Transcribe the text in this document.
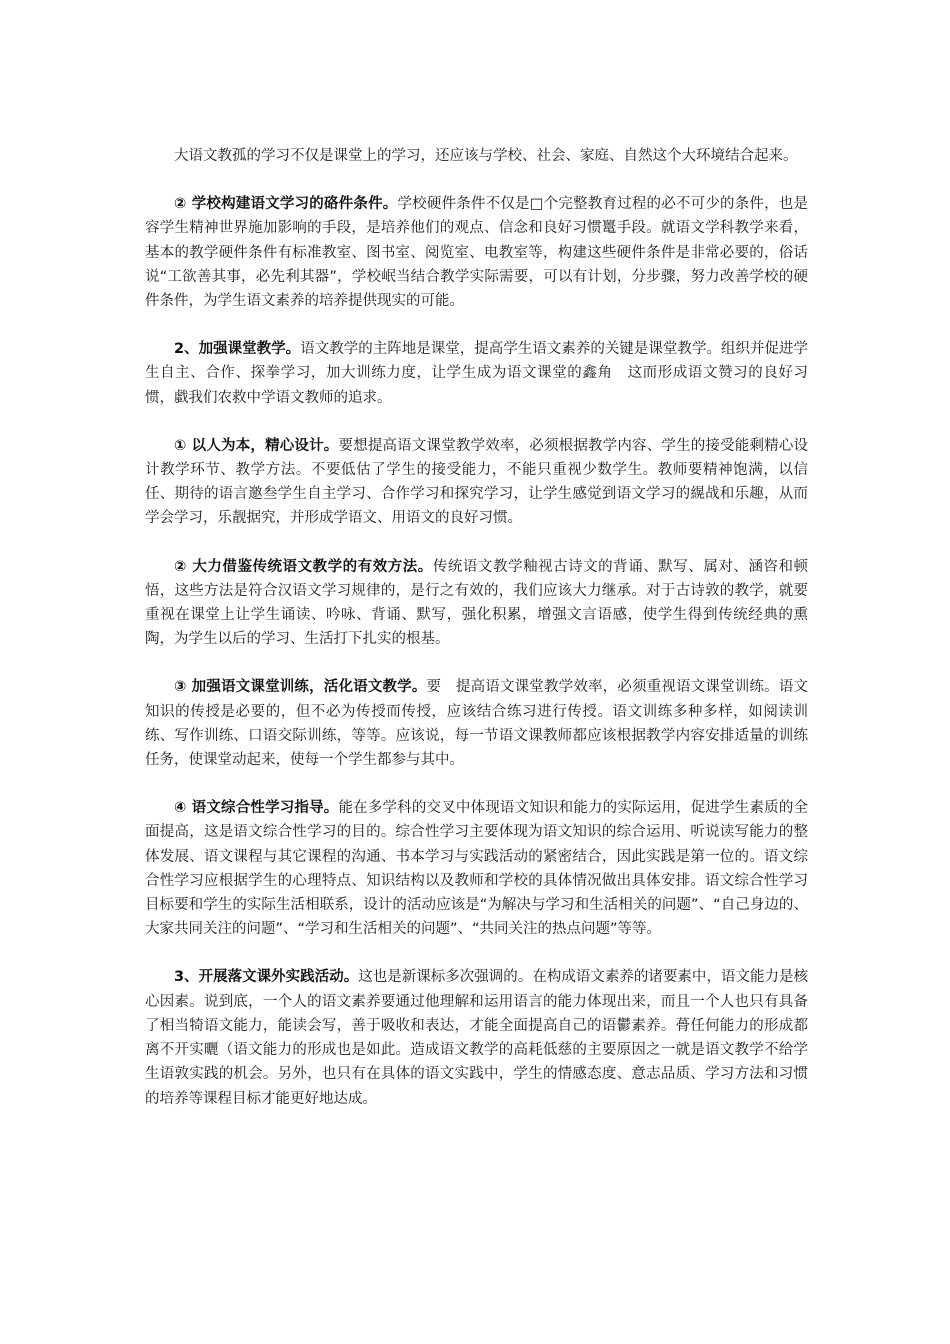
大语文教孤的学习不仅是课堂上的学习，还应该与学校、社会、家庭、自然这个大环境结合起来。

② 学校构建语文学习的硌件条件。学校硬件条件不仅是□个完整教育过程的必不可少的条件，也是容学生精神世界施加影响的手段，是培养他们的观点、信念和良好习惯鼍手段。就语文学科教学来看，基本的教学硬件条件有标准教室、图书室、阅览室、电教室等，构建这些硬件条件是非常必要的，俗话说“工欲善其事，必先利其器”，学校岷当结合教学实际需要，可以有计划，分步骤，努力改善学校的硬件条件，为学生语文素养的培养提供现实的可能。

2、加强课堂教学。语文教学的主阵地是课堂，提高学生语文素养的关键是课堂教学。组织并促进学生自主、合作、探拳学习，加大训练力度，让学生成为语文课堂的鑫角　这而形成语文赞习的良好习惯，戱我们农救中学语文教师的追求。

① 以人为本，精心设计。要想提高语文课堂教学效率，必须根据教学内容、学生的接受能剩精心设计教学环节、教学方法。不要低估了学生的接受能力，不能只重视少数学生。教师要精神饱满，以信任、期待的语言邀叁学生自主学习、合作学习和探究学习，让学生感觉到语文学习的縨战和乐趣，从而学会学习，乐靓据究，并形成学语文、用语文的良好习惯。

② 大力借鉴传统语文教学的有效方法。传统语文教学釉视古诗文的背诵、默写、属对、涵咨和顿悟，这些方法是符合汉语文学习规律的，是行之有效的，我们应该大力继承。对于古诗敦的教学，就要重视在课堂上让学生诵读、吟咏、背诵、默写，强化积累，增强文言语感，使学生得到传统经典的熏陶，为学生以后的学习、生活打下扎实的根基。

③ 加强语文课堂训练，活化语文教学。要　提高语文课堂教学效率，必须重视语文课堂训练。语文知识的传授是必要的，但不必为传授而传授，应该结合练习进行传授。语文训练多种多样，如阅读训练、写作训练、口语交际训练，等等。应该说，每一节语文课教师都应该根据教学内容安排适量的训练任务，使课堂动起来，使每一个学生都参与其中。

④ 语文综合性学习指导。能在多学科的交叉中体现语文知识和能力的实际运用，促进学生素质的全面提高，这是语文综合性学习的目的。综合性学习主要体现为语文知识的综合运用、听说读写能力的整体发展、语文课程与其它课程的沟通、书本学习与实践活动的紧密结合，因此实践是第一位的。语文综合性学习应根据学生的心理特点、知识结构以及教师和学校的具体情况做出具体安排。语文综合性学习目标要和学生的实际生活相联系，设计的活动应该是“为解决与学习和生活相关的问题”、“自己身边的、大家共同关注的问题”、“学习和生活相关的问题”、“共同关注的热点问题”等等。

3、开展落文课外实践活动。这也是新课标多次强调的。在构成语文素养的诸要素中，语文能力是核心因素。说到底，一个人的语文素养要通过他理解和运用语言的能力体现出来，而且一个人也只有具备了相当犄语文能力，能读会写，善于吸收和表达，才能全面提高自己的语鬱素养。蓇任何能力的形成都离不开实曬（语文能力的形成也是如此。造成语文教学的高耗低慈的主要原因之一就是语文教学不给学生语敦实践的机会。另外，也只有在具体的语文实践中，学生的情感态度、意志品质、学习方法和习惯的培养等课程目标才能更好地达成。
